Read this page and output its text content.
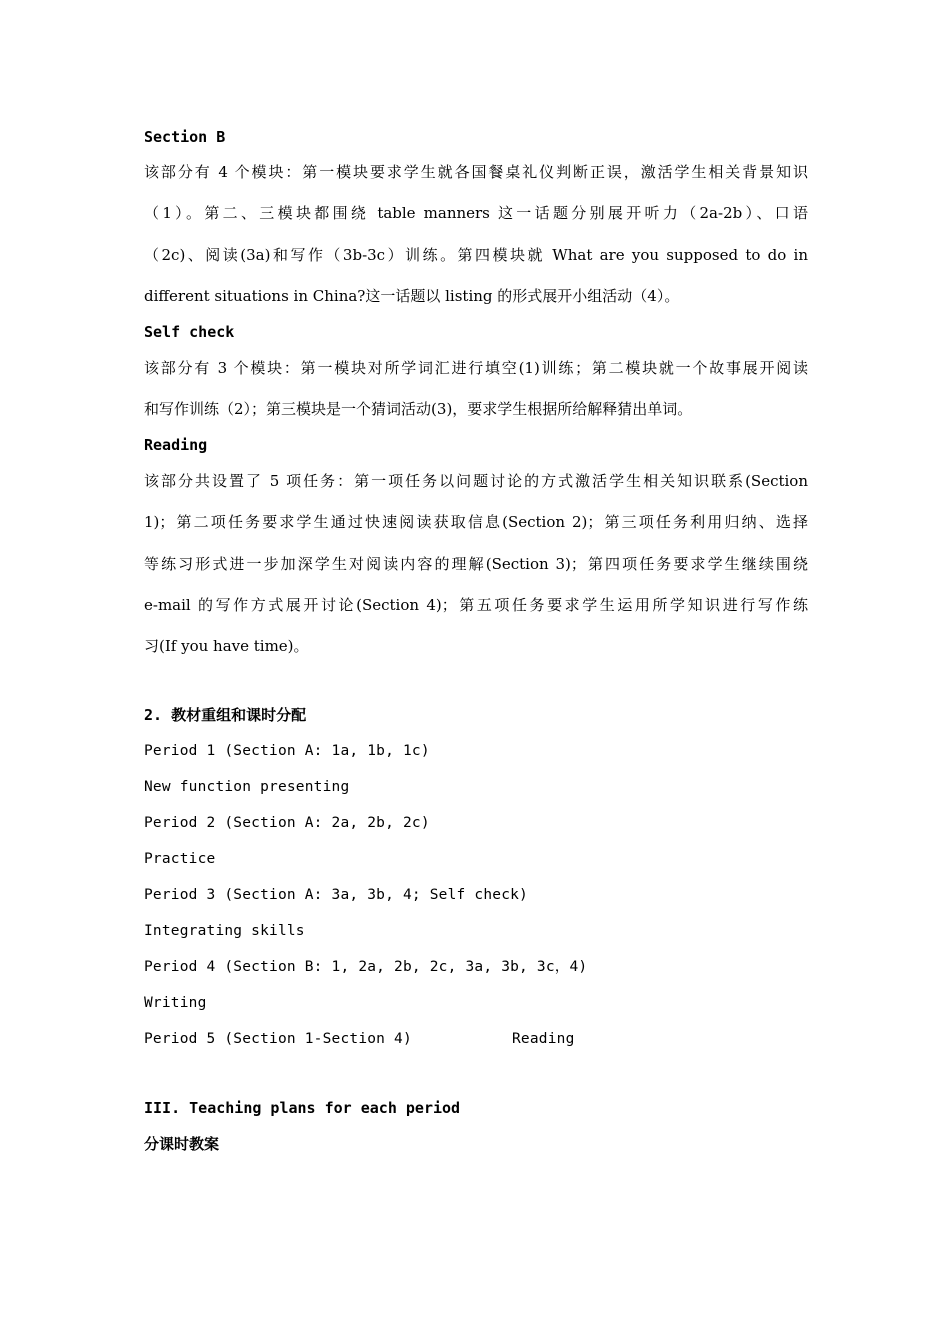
Section B
该部分有 4 个模块：第一模块要求学生就各国餐桌礼仪判断正误，激活学生相关背景知识
（1）。第二、三模块都围绕 table manners 这一话题分别展开听力（2a-2b）、口语
（2c)、阅读(3a)和写作（3b-3c）训练。第四模块就 What are you supposed to do in
different situations in China?这一话题以 listing 的形式展开小组活动（4）。
Self check
该部分有 3 个模块：第一模块对所学词汇进行填空(1)训练；第二模块就一个故事展开阅读
和写作训练（2）；第三模块是一个猜词活动(3)，要求学生根据所给解释猜出单词。
Reading
该部分共设置了 5 项任务：第一项任务以问题讨论的方式激活学生相关知识联系(Section
1)；第二项任务要求学生通过快速阅读获取信息(Section 2)；第三项任务利用归纳、选择
等练习形式进一步加深学生对阅读内容的理解(Section 3)；第四项任务要求学生继续围绕
e-mail 的写作方式展开讨论(Section 4)；第五项任务要求学生运用所学知识进行写作练
习(If you have time)。
2. 教材重组和课时分配
Period 1 (Section A: 1a, 1b, 1c)
New function presenting
Period 2 (Section A: 2a, 2b, 2c)
Practice
Period 3 (Section A: 3a, 3b, 4; Self check)
Integrating skills
Period 4 (Section B: 1, 2a, 2b, 2c, 3a, 3b, 3c，4)
Writing
Period 5 (Section 1-Section 4)	Reading
III. Teaching plans for each period
分课时教案
